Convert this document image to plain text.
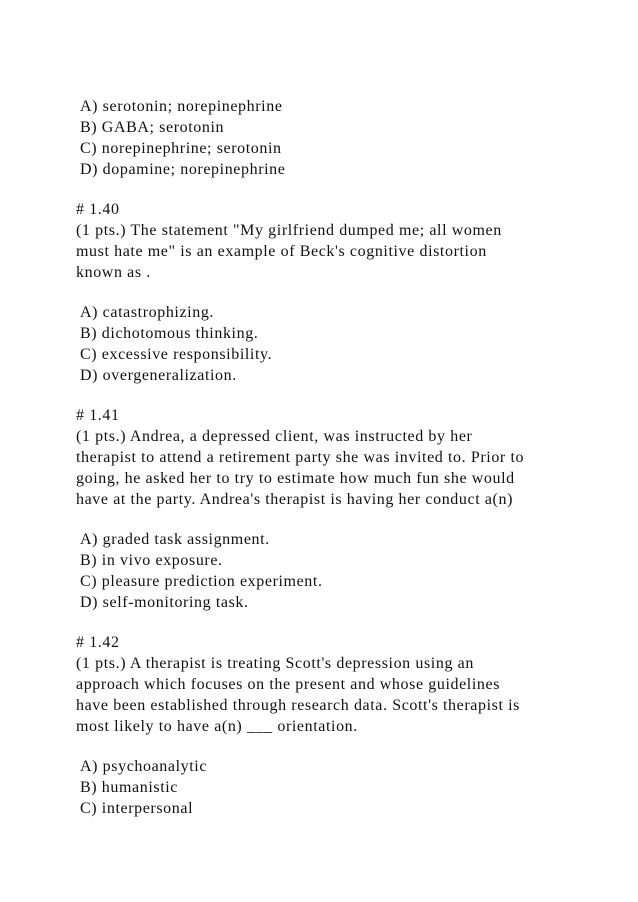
A) serotonin; norepinephrine
B) GABA; serotonin
C) norepinephrine; serotonin
D) dopamine; norepinephrine
# 1.40
(1 pts.) The statement "My girlfriend dumped me; all women
must hate me" is an example of Beck's cognitive distortion
known as .
A) catastrophizing.
B) dichotomous thinking.
C) excessive responsibility.
D) overgeneralization.
# 1.41
(1 pts.) Andrea, a depressed client, was instructed by her
therapist to attend a retirement party she was invited to. Prior to
going, he asked her to try to estimate how much fun she would
have at the party. Andrea's therapist is having her conduct a(n)
A) graded task assignment.
B) in vivo exposure.
C) pleasure prediction experiment.
D) self-monitoring task.
# 1.42
(1 pts.) A therapist is treating Scott's depression using an
approach which focuses on the present and whose guidelines
have been established through research data. Scott's therapist is
most likely to have a(n) ___ orientation.
A) psychoanalytic
B) humanistic
C) interpersonal
